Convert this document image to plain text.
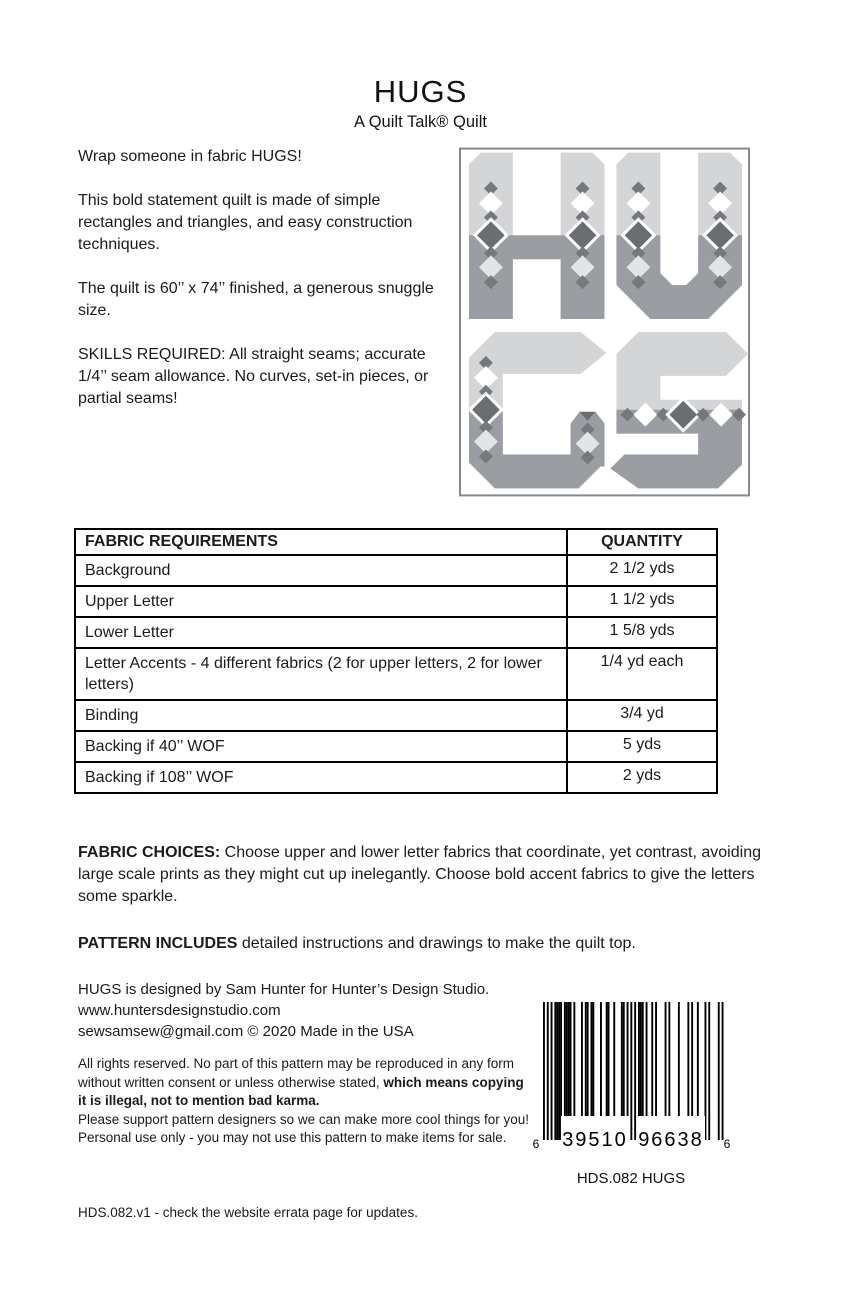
HUGS
A Quilt Talk® Quilt

Wrap someone in fabric HUGS!

This bold statement quilt is made of simple rectangles and triangles, and easy construction techniques.

The quilt is 60’’ x 74’’ finished, a generous snuggle size.

SKILLS REQUIRED: All straight seams; accurate 1/4’’ seam allowance. No curves, set-in pieces, or partial seams!

FABRIC REQUIREMENTS	QUANTITY
Background	2 1/2 yds
Upper Letter	1 1/2 yds
Lower Letter	1 5/8 yds
Letter Accents - 4 different fabrics (2 for upper letters, 2 for lower letters)	1/4 yd each
Binding	3/4 yd
Backing if 40’’ WOF	5 yds
Backing if 108’’ WOF	2 yds

FABRIC CHOICES: Choose upper and lower letter fabrics that coordinate, yet contrast, avoiding large scale prints as they might cut up inelegantly. Choose bold accent fabrics to give the letters some sparkle.

PATTERN INCLUDES detailed instructions and drawings to make the quilt top.

HUGS is designed by Sam Hunter for Hunter’s Design Studio.

www.huntersdesignstudio.com

sewsamsew@gmail.com © 2020 Made in the USA

All rights reserved. No part of this pattern may be reproduced in any form without written consent or unless otherwise stated, which means copying it is illegal, not to mention bad karma.

Please support pattern designers so we can make more cool things for you!

Personal use only - you may not use this pattern to make items for sale.	39510 96638
6	6
HDS.082 HUGS

HDS.082.v1 - check the website errata page for updates.
